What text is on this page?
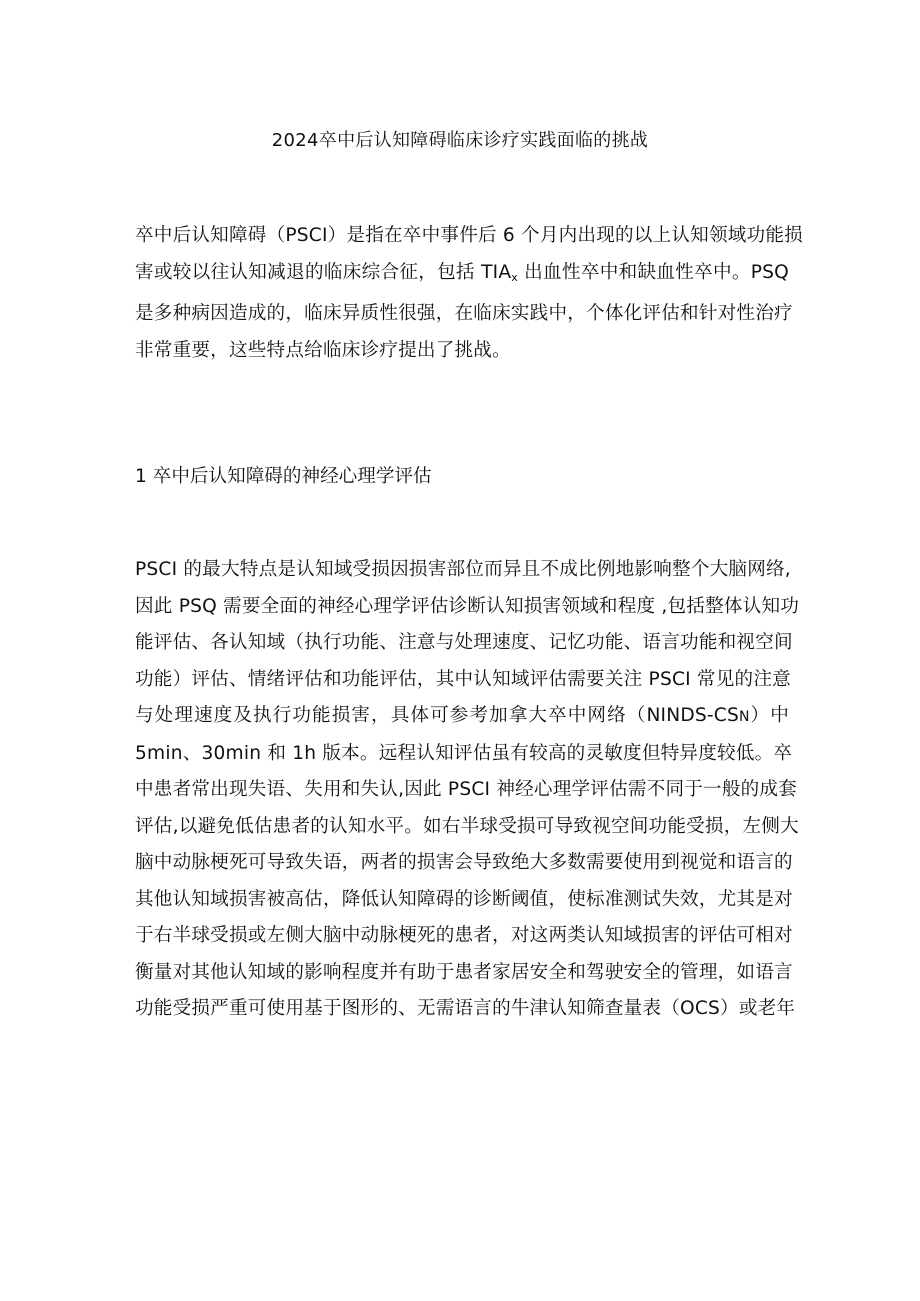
2024卒中后认知障碍临床诊疗实践面临的挑战

卒中后认知障碍（PSCI）是指在卒中事件后 6 个月内出现的以上认知领域功能损
害或较以往认知减退的临床综合征，包括 $TIA_x$ 出血性卒中和缺血性卒中。PSQ
是多种病因造成的，临床异质性很强，在临床实践中，个体化评估和针对性治疗
非常重要，这些特点给临床诊疗提出了挑战。

1 卒中后认知障碍的神经心理学评估

PSCI 的最大特点是认知域受损因损害部位而异且不成比例地影响整个大脑网络,
因此 PSQ 需要全面的神经心理学评估诊断认知损害领域和程度 ,包括整体认知功
能评估、各认知域（执行功能、注意与处理速度、记忆功能、语言功能和视空间
功能）评估、情绪评估和功能评估，其中认知域评估需要关注 PSCI 常见的注意
与处理速度及执行功能损害，具体可参考加拿大卒中网络（NINDS-CSN）中
5min、30min 和 1h 版本。远程认知评估虽有较高的灵敏度但特异度较低。卒
中患者常出现失语、失用和失认,因此 PSCI 神经心理学评估需不同于一般的成套
评估,以避免低估患者的认知水平。如右半球受损可导致视空间功能受损，左侧大
脑中动脉梗死可导致失语，两者的损害会导致绝大多数需要使用到视觉和语言的
其他认知域损害被高估，降低认知障碍的诊断阈值，使标准测试失效，尤其是对
于右半球受损或左侧大脑中动脉梗死的患者，对这两类认知域损害的评估可相对
衡量对其他认知域的影响程度并有助于患者家居安全和驾驶安全的管理，如语言
功能受损严重可使用基于图形的、无需语言的牛津认知筛查量表（OCS）或老年
